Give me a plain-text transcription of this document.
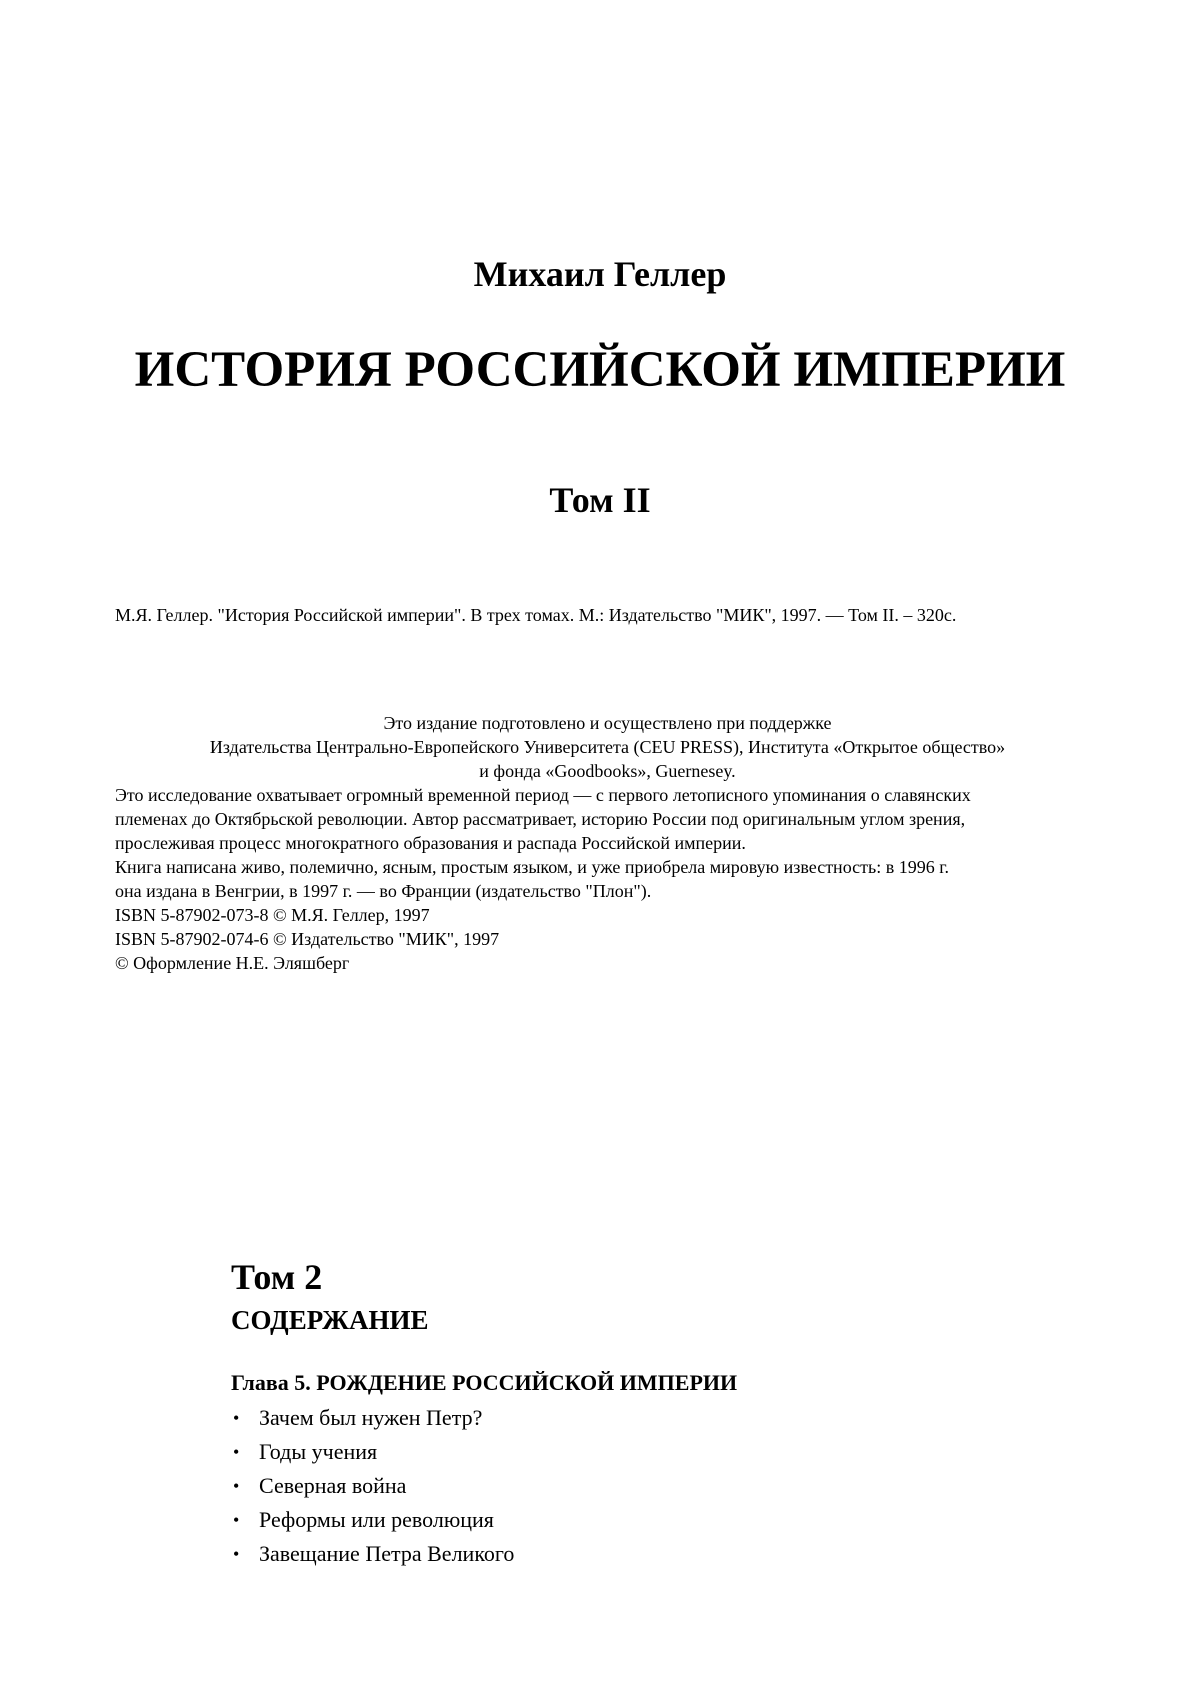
Михаил Геллер
ИСТОРИЯ РОССИЙСКОЙ ИМПЕРИИ
Том II
М.Я. Геллер. "История Российской империи". В трех томах. М.: Издательство "МИК", 1997. — Том II. – 320с.
Это издание подготовлено и осуществлено при поддержке
Издательства Центрально-Европейского Университета (CEU PRESS), Института «Открытое общество»
и фонда «Goodbooks», Guernesey.
Это исследование охватывает огромный временной период — с первого летописного упоминания о славянских
племенах до Октябрьской революции. Автор рассматривает, историю России под оригинальным углом зрения,
прослеживая процесс многократного образования и распада Российской империи.
Книга написана живо, полемично, ясным, простым языком, и уже приобрела мировую известность: в 1996 г.
она издана в Венгрии, в 1997 г. — во Франции (издательство "Плон").
ISBN 5-87902-073-8 © М.Я. Геллер, 1997
ISBN 5-87902-074-6 © Издательство "МИК", 1997
© Оформление Н.Е. Эляшберг
Том 2
СОДЕРЖАНИЕ
Глава 5. РОЖДЕНИЕ РОССИЙСКОЙ ИМПЕРИИ
• Зачем был нужен Петр?
• Годы учения
• Северная война
• Реформы или революция
• Завещание Петра Великого
